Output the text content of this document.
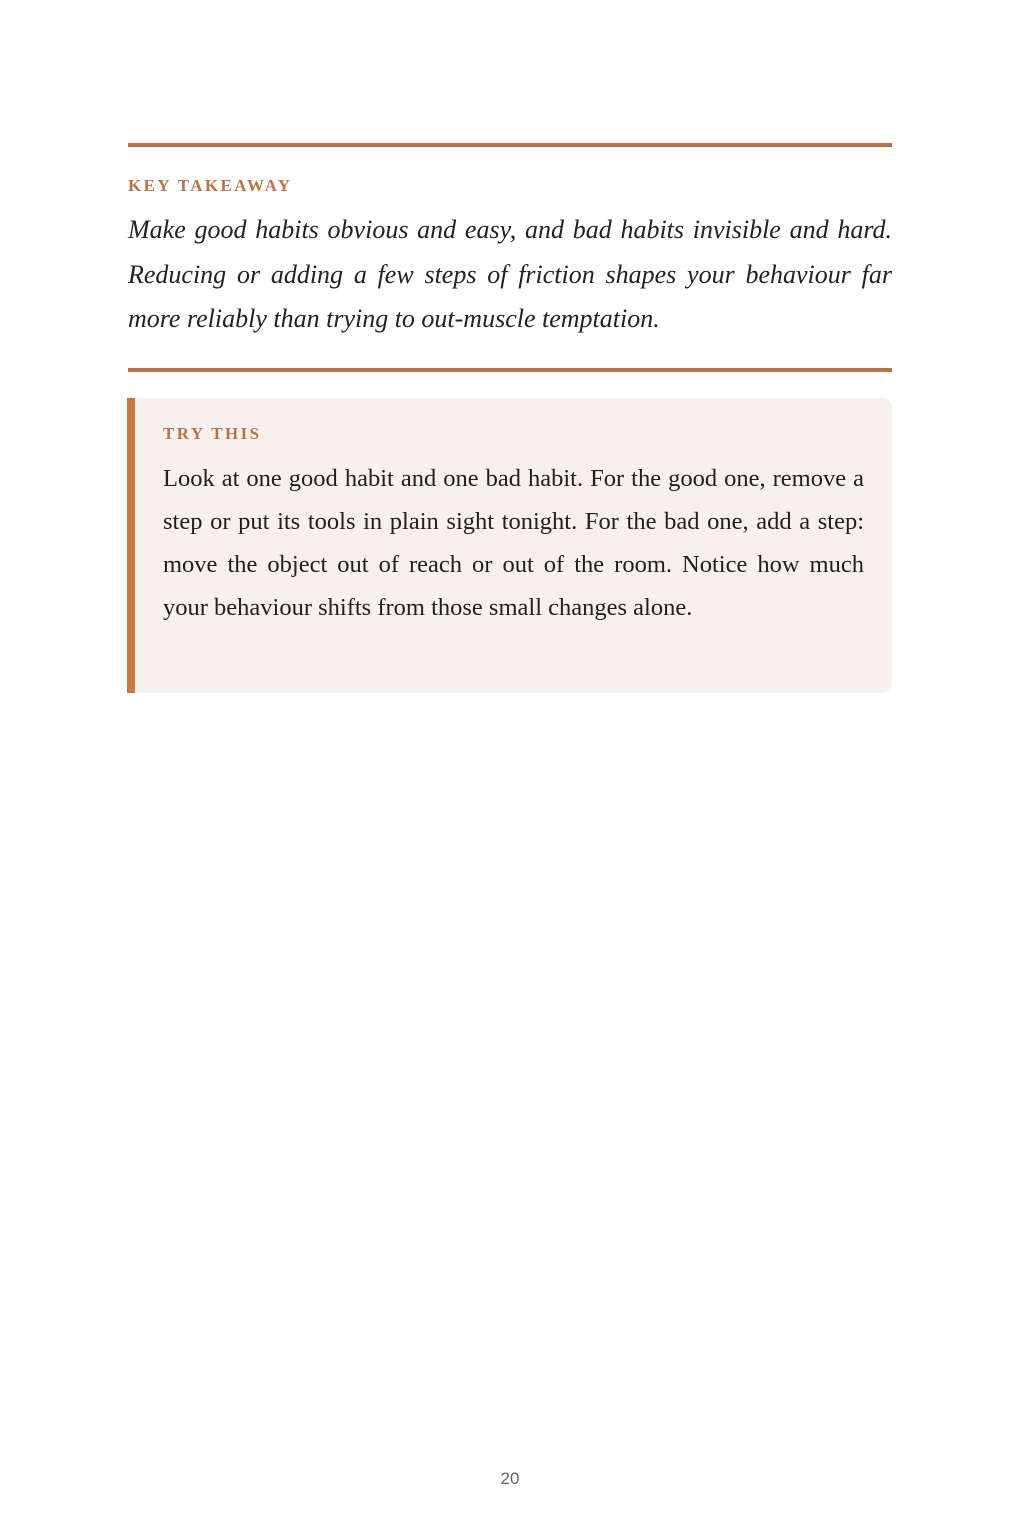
KEY TAKEAWAY

Make good habits obvious and easy, and bad habits invisible and hard. Reducing or adding a few steps of friction shapes your behaviour far more reliably than trying to out-muscle temptation.

TRY THIS

Look at one good habit and one bad habit. For the good one, remove a step or put its tools in plain sight tonight. For the bad one, add a step: move the object out of reach or out of the room. Notice how much your behaviour shifts from those small changes alone.

20
